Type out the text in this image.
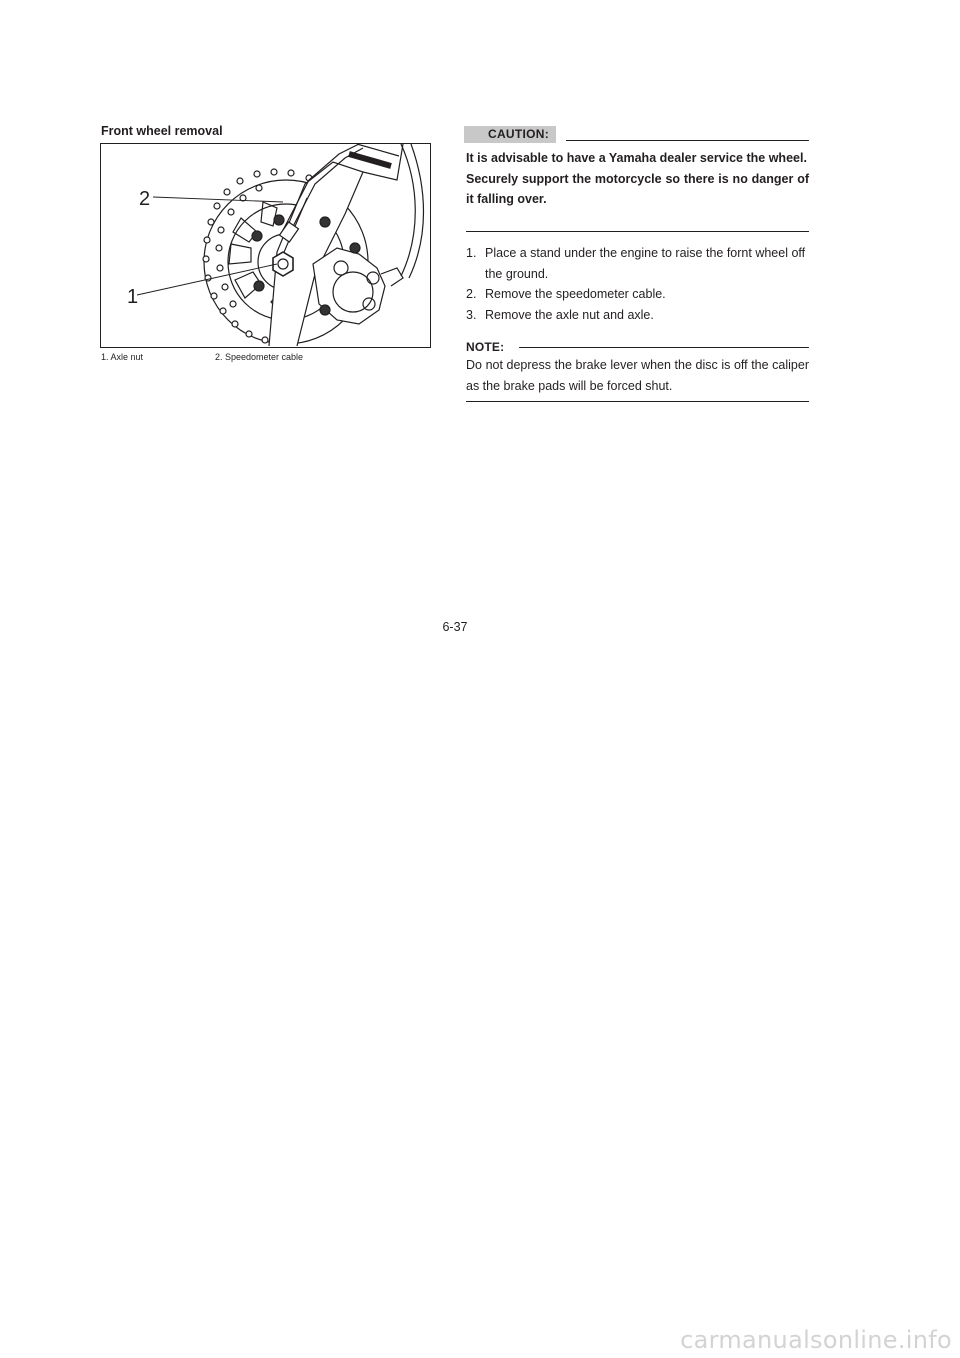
Front wheel removal
2
1
1. Axle nut	2. Speedometer cable
CAUTION:

It is advisable to have a Yamaha dealer service the wheel.

Securely support the motorcycle so there is no danger of it falling over.

1. Place a stand under the engine to raise the fornt wheel off the ground.
2. Remove the speedometer cable.
3. Remove the axle nut and axle.
NOTE:

Do not depress the brake lever when the disc is off the caliper as the brake pads will be forced shut.

6-37
carmanualsonline.info
